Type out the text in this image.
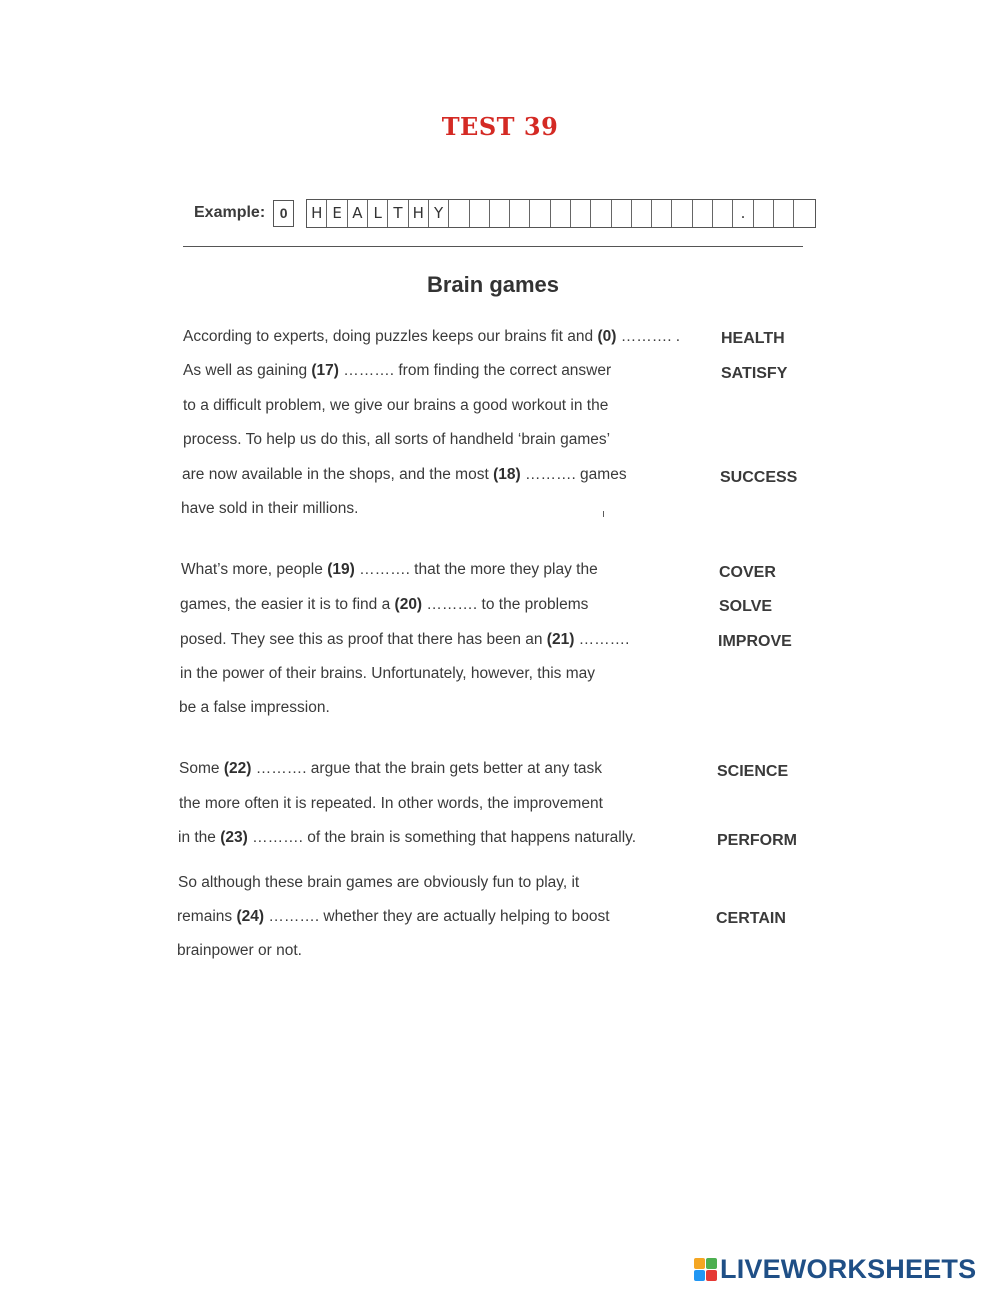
TEST 39
Example:	0	H E A L T H Y	.
Brain games
According to experts, doing puzzles keeps our brains fit and (0) ………. .
As well as gaining (17) ………. from finding the correct answer
to a difficult problem, we give our brains a good workout in the
process. To help us do this, all sorts of handheld ‘brain games’
are now available in the shops, and the most (18) ………. games
have sold in their millions.
What’s more, people (19) ………. that the more they play the
games, the easier it is to find a (20) ………. to the problems
posed. They see this as proof that there has been an (21) ……….
in the power of their brains. Unfortunately, however, this may
be a false impression.
Some (22) ………. argue that the brain gets better at any task
the more often it is repeated. In other words, the improvement
in the (23) ………. of the brain is something that happens naturally.
So although these brain games are obviously fun to play, it
remains (24) ………. whether they are actually helping to boost
brainpower or not.
HEALTH
SATISFY
SUCCESS
COVER
SOLVE
IMPROVE
SCIENCE
PERFORM
CERTAIN
ı
LIVEWORKSHEETS
